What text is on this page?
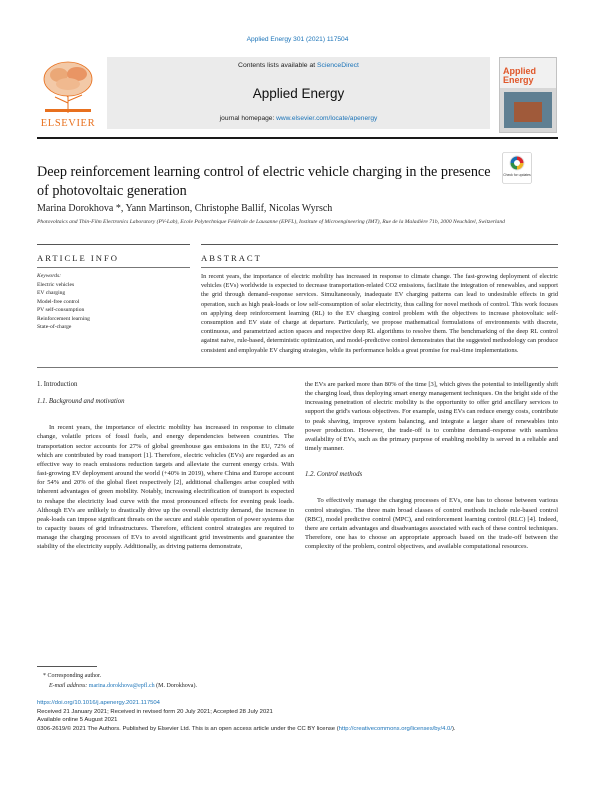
Applied Energy 301 (2021) 117504
Contents lists available at ScienceDirect
Applied Energy
journal homepage: www.elsevier.com/locate/apenergy
ELSEVIER
Applied
Energy
Deep reinforcement learning control of electric vehicle charging in the presence of photovoltaic generation
Check for updates
Marina Dorokhova *, Yann Martinson, Christophe Ballif, Nicolas Wyrsch
Photovoltaics and Thin-Film Electronics Laboratory (PV-Lab), Ecole Polytechnique Fédérale de Lausanne (EPFL), Institute of Microengineering (IMT), Rue de la Maladière 71b, 2000 Neuchâtel, Switzerland
ARTICLE INFO	ABSTRACT
Keywords:
Electric vehicles
EV charging
Model-free control
PV self-consumption
Reinforcement learning
State-of-charge
In recent years, the importance of electric mobility has increased in response to climate change. The fast-growing deployment of electric vehicles (EVs) worldwide is expected to decrease transportation-related CO2 emissions, facilitate the integration of renewables, and support the grid through demand–response services. Simultaneously, inadequate EV charging patterns can lead to undesirable effects in grid operation, such as high peak-loads or low self-consumption of solar electricity, thus calling for novel methods of control. This work focuses on applying deep reinforcement learning (RL) to the EV charging control problem with the objectives to increase photovoltaic self-consumption and EV state of charge at departure. Particularly, we propose mathematical formulations of environments with discrete, continuous, and parametrized action spaces and respective deep RL algorithms to resolve them. The benchmarking of the deep RL control against naive, rule-based, deterministic optimization, and model-predictive control demonstrates that the suggested methodology can produce consistent and employable EV charging strategies, while its performance holds a great promise for real-time implementations.
1. Introduction
1.1. Background and motivation

In recent years, the importance of electric mobility has increased in response to climate change, volatile prices of fossil fuels, and energy dependencies between countries. The transportation sector accounts for 27% of global greenhouse gas emissions in the EU, 72% of which are contributed by road transport [1]. Therefore, electric vehicles (EVs) are regarded as an effective way to reach emissions reduction targets and alleviate the current energy crisis. With fast-growing EV deployment around the world (+40% in 2019), where China and Europe account for 54% and 20% of the global fleet respectively [2], additional challenges arise coupled with inherent advantages of green mobility. Notably, increasing electrification of transport is expected to reshape the electricity load curve with the most pronounced effects for evening peak loads. Although EVs are unlikely to drastically drive up the overall electricity demand, the increase in peak-loads can impose significant threats on the secure and stable operation of power systems due to capacity issues of grid infrastructures. Therefore, efficient control strategies are required to manage the charging processes of EVs to avoid significant grid investments and guarantee the stability of the electricity supply. Additionally, as driving patterns demonstrate,

the EVs are parked more than 80% of the time [3], which gives the potential to intelligently shift the charging load, thus deploying smart energy management techniques. On the bright side of the increasing penetration of electric mobility is the opportunity to offer grid ancillary services to support the grid's various objectives. For example, using EVs can reduce energy costs, contribute to peak shaving, improve system balancing, and integrate a larger share of renewables into power production. However, the trade-off is to combine demand–response with seamless availability of EVs, such as the primary purpose of enabling mobility is served in a reliable and timely manner.

1.2. Control methods

To effectively manage the charging processes of EVs, one has to choose between various control strategies. The three main broad classes of control methods include rule-based control (RBC), model predictive control (MPC), and reinforcement learning control (RLC) [4]. Indeed, there are certain advantages and disadvantages associated with each of these control techniques. Therefore, one has to choose an appropriate approach based on the trade-off between the complexity of the problem, control objectives, and available computational resources.

* Corresponding author.
E-mail address: marina.dorokhova@epfl.ch (M. Dorokhova).
https://doi.org/10.1016/j.apenergy.2021.117504
Received 21 January 2021; Received in revised form 20 July 2021; Accepted 28 July 2021
Available online 5 August 2021
0306-2619/© 2021 The Authors. Published by Elsevier Ltd. This is an open access article under the CC BY license (http://creativecommons.org/licenses/by/4.0/).
